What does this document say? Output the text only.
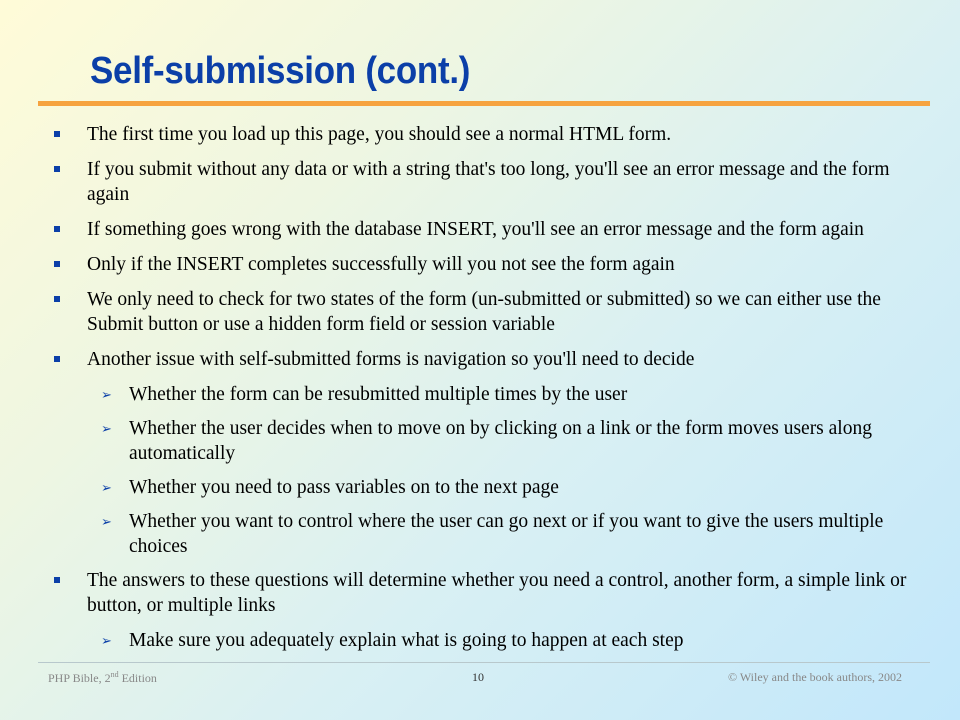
Self-submission (cont.)
The first time you load up this page, you should see a normal HTML form.
If you submit without any data or with a string that's too long, you'll see an error message and the form again
If something goes wrong with the database INSERT, you'll see an error message and the form again
Only if the INSERT completes successfully will you not see the form again
We only need to check for two states of the form (un-submitted or submitted) so we can either use the Submit button or use a hidden form field or session variable
Another issue with self-submitted forms is navigation so you'll need to decide
➢ Whether the form can be resubmitted multiple times by the user
➢ Whether the user decides when to move on by clicking on a link or the form moves users along automatically
➢ Whether you need to pass variables on to the next page
➢ Whether you want to control where the user can go next or if you want to give the users multiple choices
The answers to these questions will determine whether you need a control, another form, a simple link or button, or multiple links
➢ Make sure you adequately explain what is going to happen at each step
PHP Bible, 2nd Edition	10	© Wiley and the book authors, 2002
